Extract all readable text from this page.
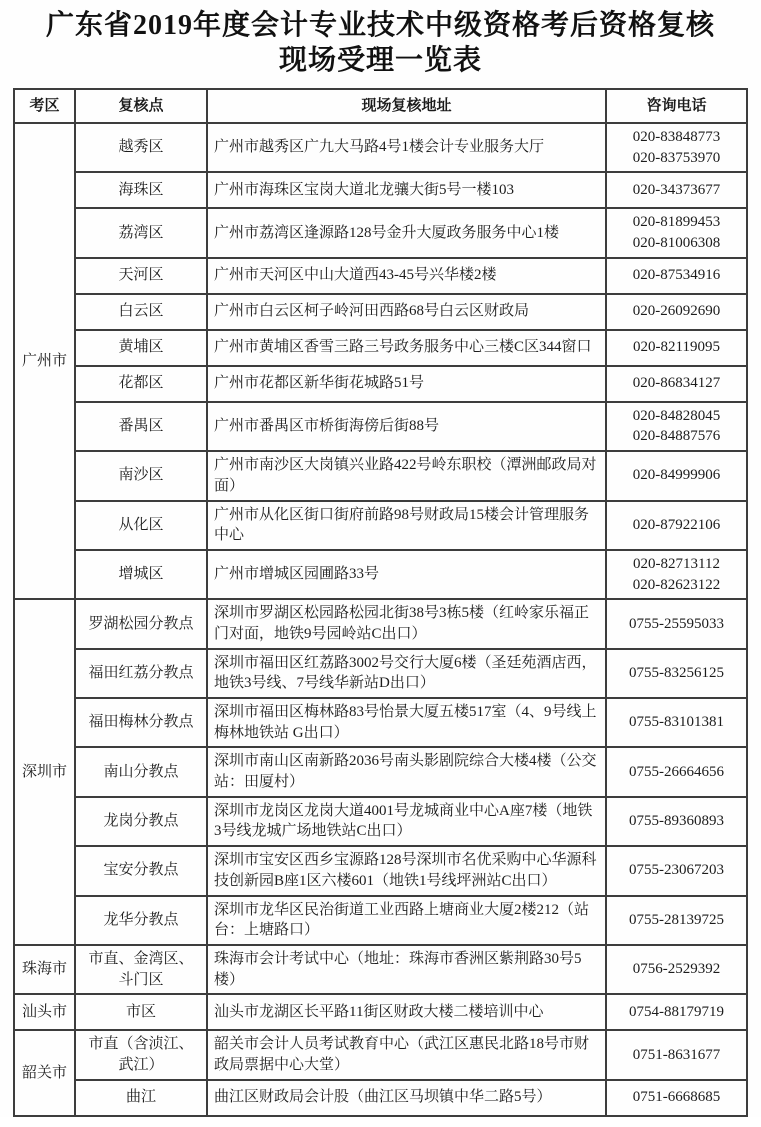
广东省2019年度会计专业技术中级资格考后资格复核
现场受理一览表
考区	复核点	现场复核地址	咨询电话
广州市	越秀区	广州市越秀区广九大马路4号1楼会计专业服务大厅	020-83848773
020-83753970

	海珠区	广州市海珠区宝岗大道北龙骧大街5号一楼103	020-34373677

	荔湾区	广州市荔湾区逢源路128号金升大厦政务服务中心1楼	020-81899453
020-81006308

	天河区	广州市天河区中山大道西43-45号兴华楼2楼	020-87534916

	白云区	广州市白云区柯子岭河田西路68号白云区财政局	020-26092690

	黄埔区	广州市黄埔区香雪三路三号政务服务中心三楼C区344窗口	020-82119095

	花都区	广州市花都区新华街花城路51号	020-86834127

	番禺区	广州市番禺区市桥街海傍后街88号	020-84828045
020-84887576

	南沙区	广州市南沙区大岗镇兴业路422号岭东职校（潭洲邮政局对面）	020-84999906

	从化区	广州市从化区街口街府前路98号财政局15楼会计管理服务中心	020-87922106

	增城区	广州市增城区园圃路33号	020-82713112
020-82623122

深圳市	罗湖松园分教点	深圳市罗湖区松园路松园北街38号3栋5楼（红岭家乐福正门对面，地铁9号园岭站C出口）	0755-25595033

	福田红荔分教点	深圳市福田区红荔路3002号交行大厦6楼（圣廷苑酒店西，地铁3号线、7号线华新站D出口）	0755-83256125

	福田梅林分教点	深圳市福田区梅林路83号怡景大厦五楼517室（4、9号线上梅林地铁站 G出口）	0755-83101381

	南山分教点	深圳市南山区南新路2036号南头影剧院综合大楼4楼（公交站：田厦村）	0755-26664656

	龙岗分教点	深圳市龙岗区龙岗大道4001号龙城商业中心A座7楼（地铁3号线龙城广场地铁站C出口）	0755-89360893

	宝安分教点	深圳市宝安区西乡宝源路128号深圳市名优采购中心华源科技创新园B座1区六楼601（地铁1号线坪洲站C出口）	0755-23067203

	龙华分教点	深圳市龙华区民治街道工业西路上塘商业大厦2楼212（站台：上塘路口）	0755-28139725

珠海市	市直、金湾区、斗门区	珠海市会计考试中心（地址：珠海市香洲区紫荆路30号5楼）	0756-2529392

汕头市	市区	汕头市龙湖区长平路11街区财政大楼二楼培训中心	0754-88179719

韶关市	市直（含浈江、武江）	韶关市会计人员考试教育中心（武江区惠民北路18号市财政局票据中心大堂）	0751-8631677

	曲江	曲江区财政局会计股（曲江区马坝镇中华二路5号）	0751-6668685
